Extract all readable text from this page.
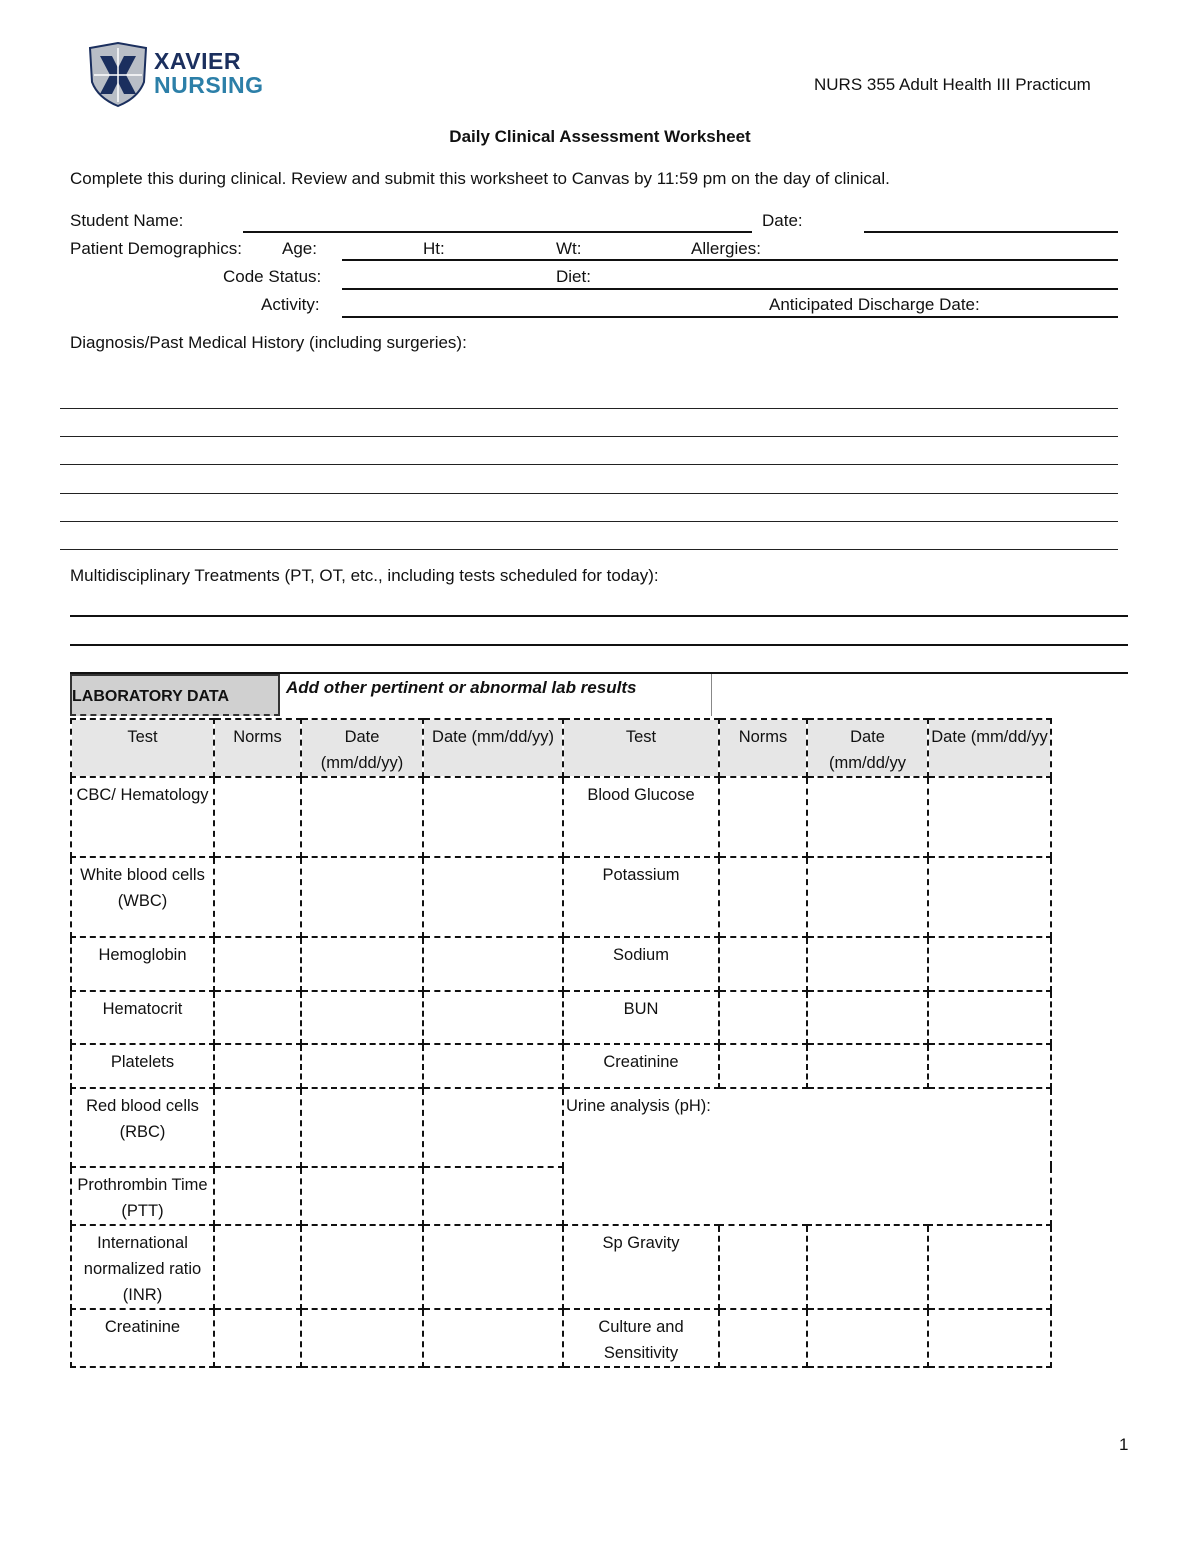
XAVIER
NURSING	NURS 355 Adult Health III Practicum
Daily Clinical Assessment Worksheet
Complete this during clinical. Review and submit this worksheet to Canvas by 11:59 pm on the day of clinical.
Student Name:	Date:
Patient Demographics: Age:	Ht:	Wt:	Allergies:
Code Status:	Diet:
Activity:	Anticipated Discharge Date:
Diagnosis/Past Medical History (including surgeries):
Multidisciplinary Treatments (PT, OT, etc., including tests scheduled for today):
LABORATORY DATA	Add other pertinent or abnormal lab results
Test	Norms	Date (mm/dd/yy)	Date (mm/dd/yy)	Test	Norms	Date (mm/dd/yy	Date (mm/dd/yy
CBC/ Hematology				Blood Glucose			
White blood cells (WBC)				Potassium			
Hemoglobin				Sodium			
Hematocrit				BUN			
Platelets				Creatinine			
Red blood cells (RBC)				Urine analysis (pH):			
Prothrombin Time (PTT)							
International normalized ratio (INR)				Sp Gravity			
Creatinine				Culture and Sensitivity			
1
